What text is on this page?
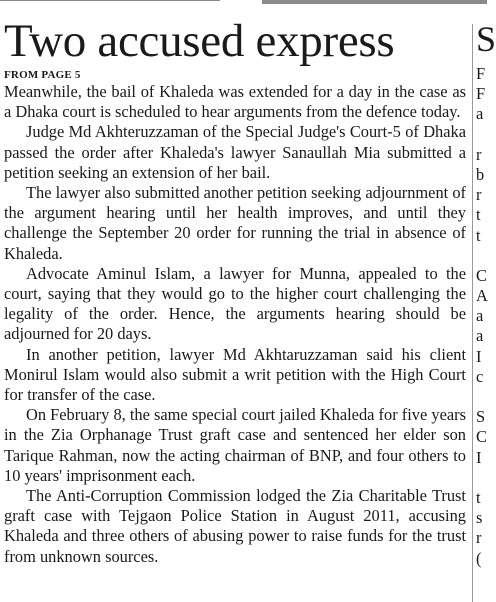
Two accused express
FROM PAGE 5

Meanwhile, the bail of Khaleda was extended for a day in the case as a Dhaka court is scheduled to hear arguments from the defence today.

Judge Md Akhteruzzaman of the Special Judge's Court-5 of Dhaka passed the order after Khaleda's lawyer Sanaullah Mia submitted a petition seeking an extension of her bail.

The lawyer also submitted another petition seeking adjournment of the argument hearing until her health improves, and until they challenge the September 20 order for running the trial in absence of Khaleda.

Advocate Aminul Islam, a lawyer for Munna, appealed to the court, saying that they would go to the higher court challenging the legality of the order. Hence, the arguments hearing should be adjourned for 20 days.

In another petition, lawyer Md Akhtaruzzaman said his client Monirul Islam would also submit a writ petition with the High Court for transfer of the case.

On February 8, the same special court jailed Khaleda for five years in the Zia Orphanage Trust graft case and sentenced her elder son Tarique Rahman, now the acting chairman of BNP, and four others to 10 years' imprisonment each.

The Anti-Corruption Commission lodged the Zia Charitable Trust graft case with Tejgaon Police Station in August 2011, accusing Khaleda and three others of abusing power to raise funds for the trust from unknown sources.

S
F
F
a
r
b
r
t
t
C
A
a
a
I
c
S
C
I
t
s
r
(
